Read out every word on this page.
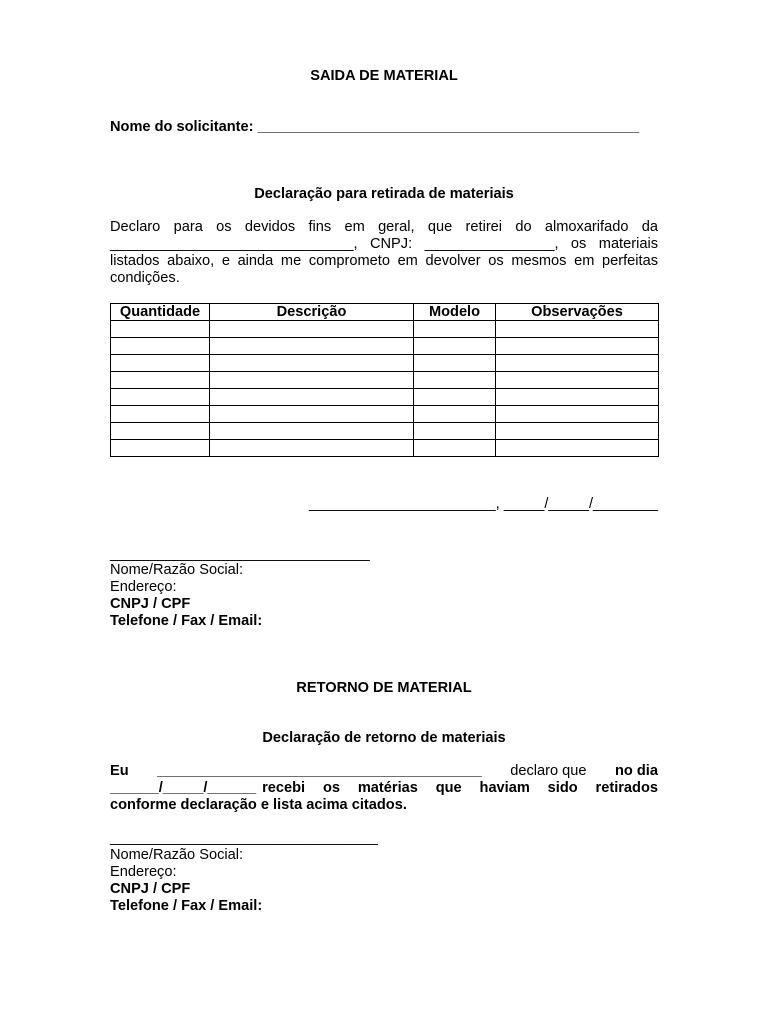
SAIDA DE MATERIAL
Nome do solicitante: _______________________________________________
Declaração para retirada de materiais
Declaro para os devidos fins em geral, que retirei do almoxarifado da
______________________________, CNPJ: ________________, os materiais
listados abaixo, e ainda me comprometo em devolver os mesmos em perfeitas
condições.
Quantidade	Descrição	Modelo	Observações

_______________________, _____/_____/________
________________________________
Nome/Razão Social:
Endereço:
CNPJ / CPF
Telefone / Fax / Email:
RETORNO DE MATERIAL
Declaração de retorno de materiais
Eu ________________________________________ declaro que no dia
______/_____/______ recebi os matérias que haviam sido retirados
conforme declaração e lista acima citados.
_________________________________
Nome/Razão Social:
Endereço:
CNPJ / CPF
Telefone / Fax / Email:
